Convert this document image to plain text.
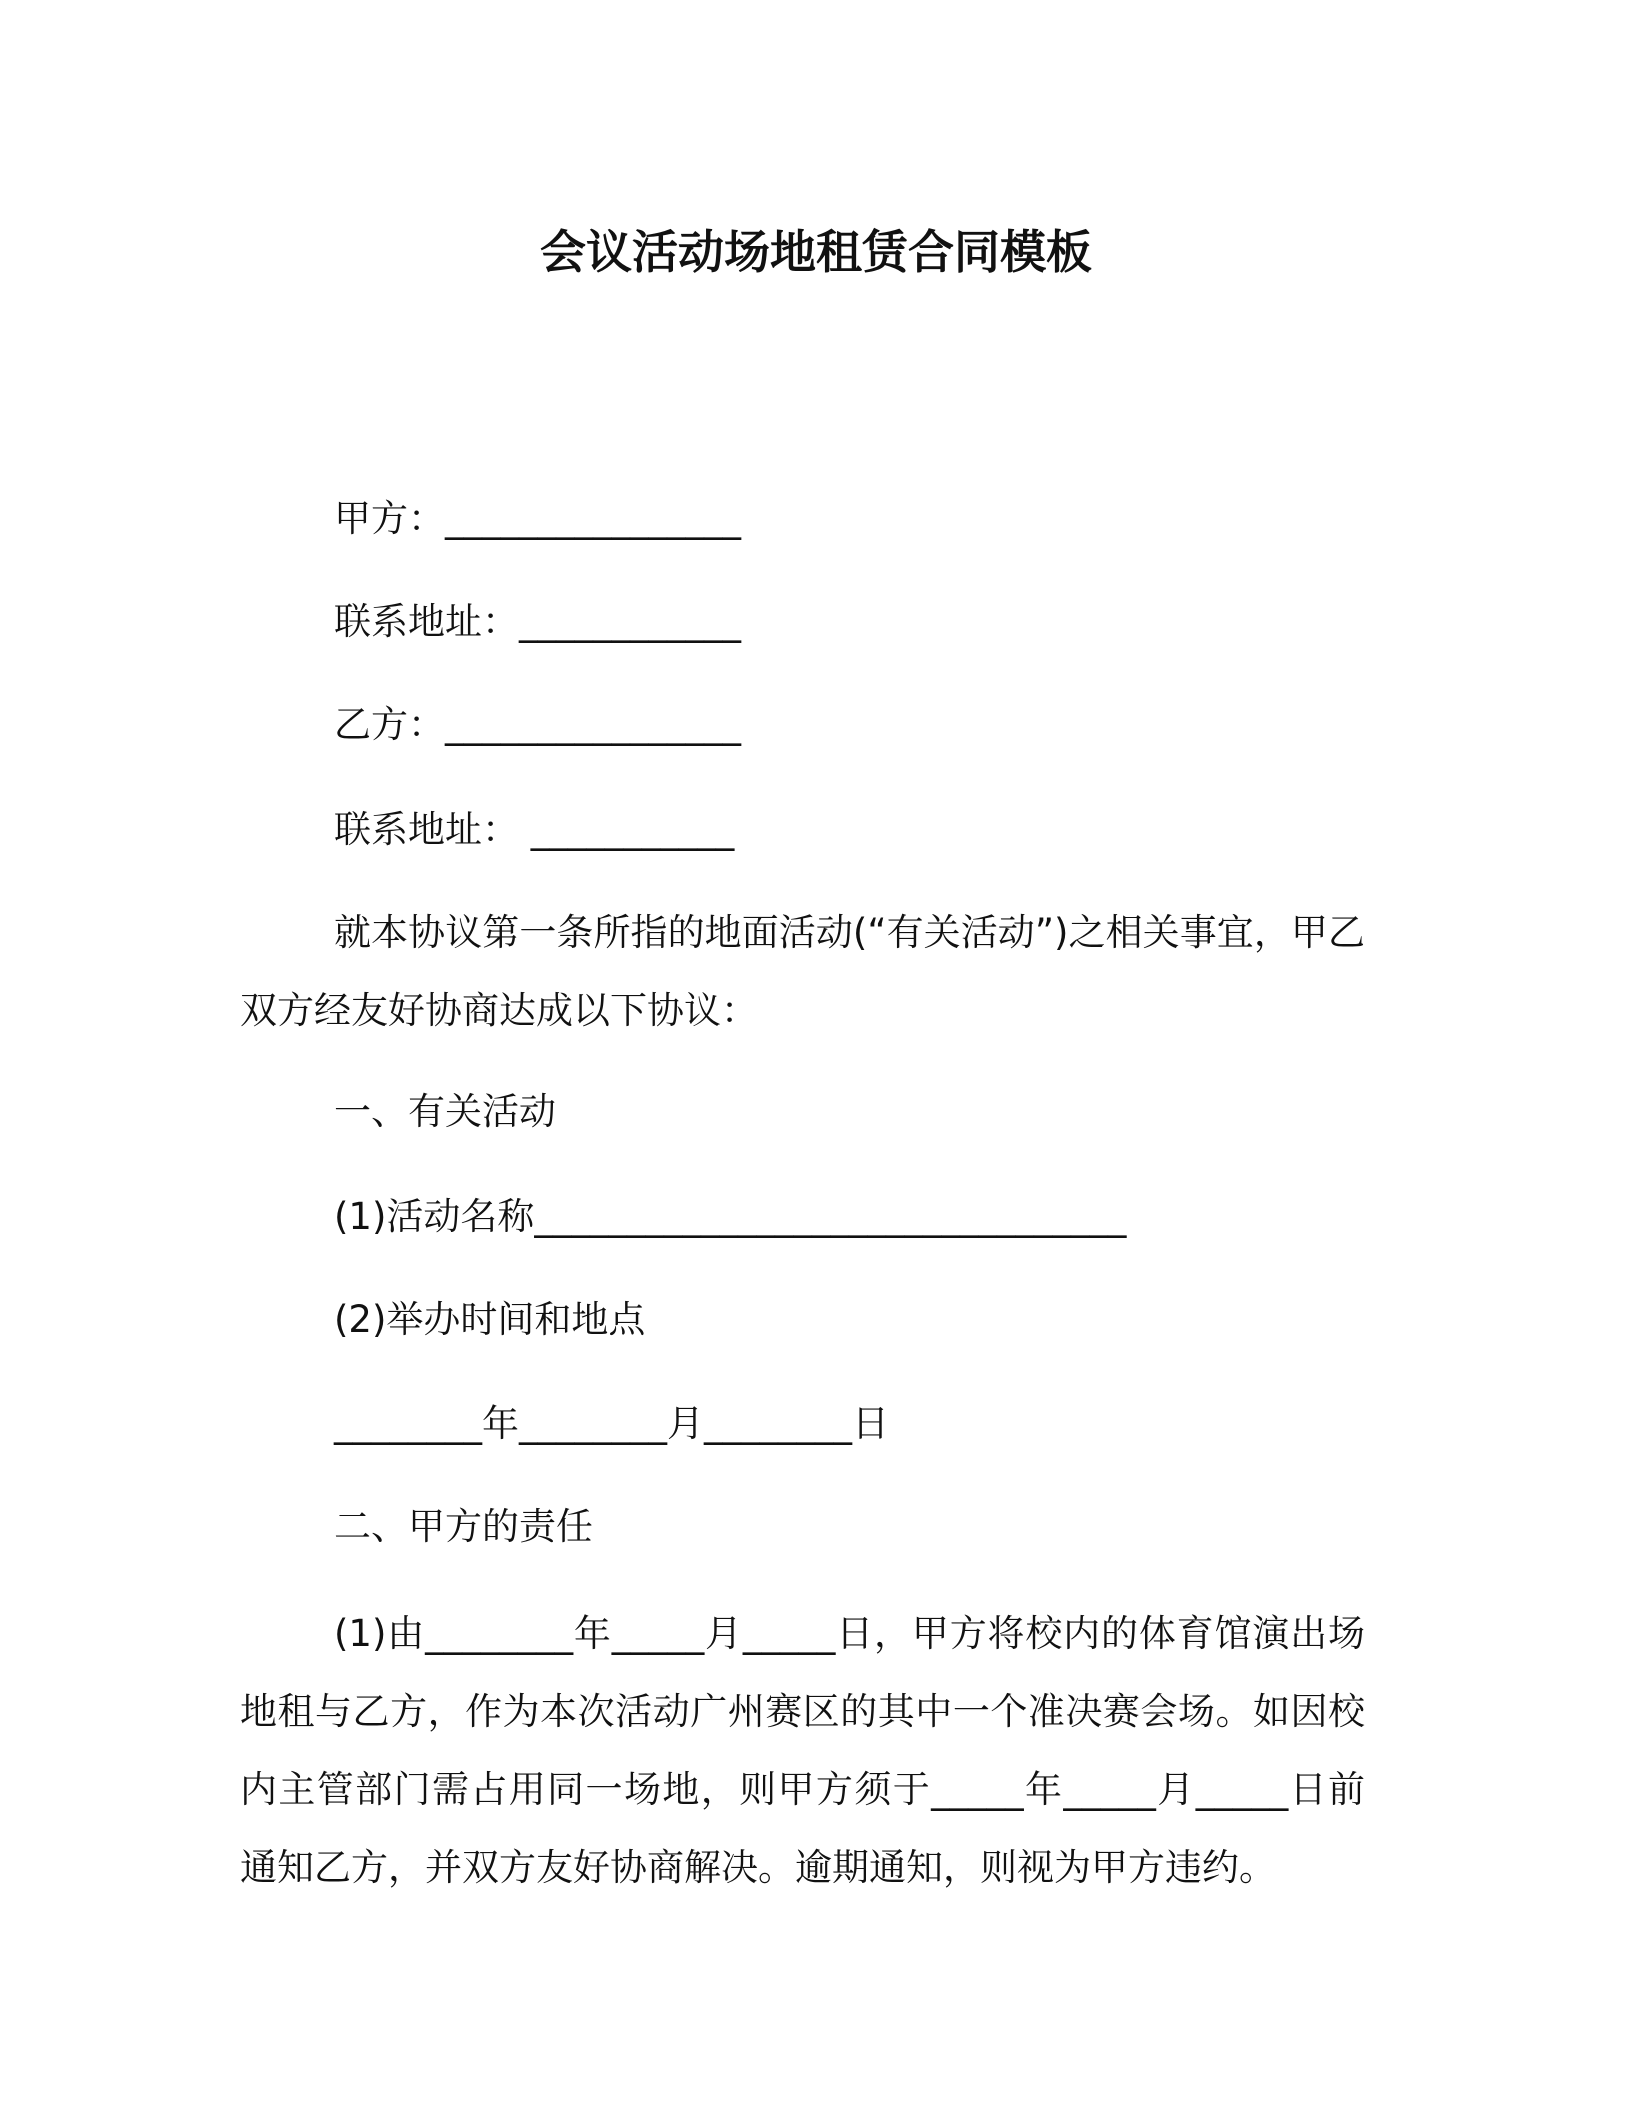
会议活动场地租赁合同模板
甲方：________________
联系地址：____________
乙方：________________
联系地址： ___________
就本协议第一条所指的地面活动(“有关活动”)之相关事宜，甲乙双方经友好协商达成以下协议：
一、有关活动
(1)活动名称________________________________
(2)举办时间和地点
________年________月________日
二、甲方的责任
(1)由________年_____月_____日，甲方将校内的体育馆演出场地租与乙方，作为本次活动广州赛区的其中一个准决赛会场。如因校内主管部门需占用同一场地，则甲方须于_____年_____月_____日前通知乙方，并双方友好协商解决。逾期通知，则视为甲方违约。
